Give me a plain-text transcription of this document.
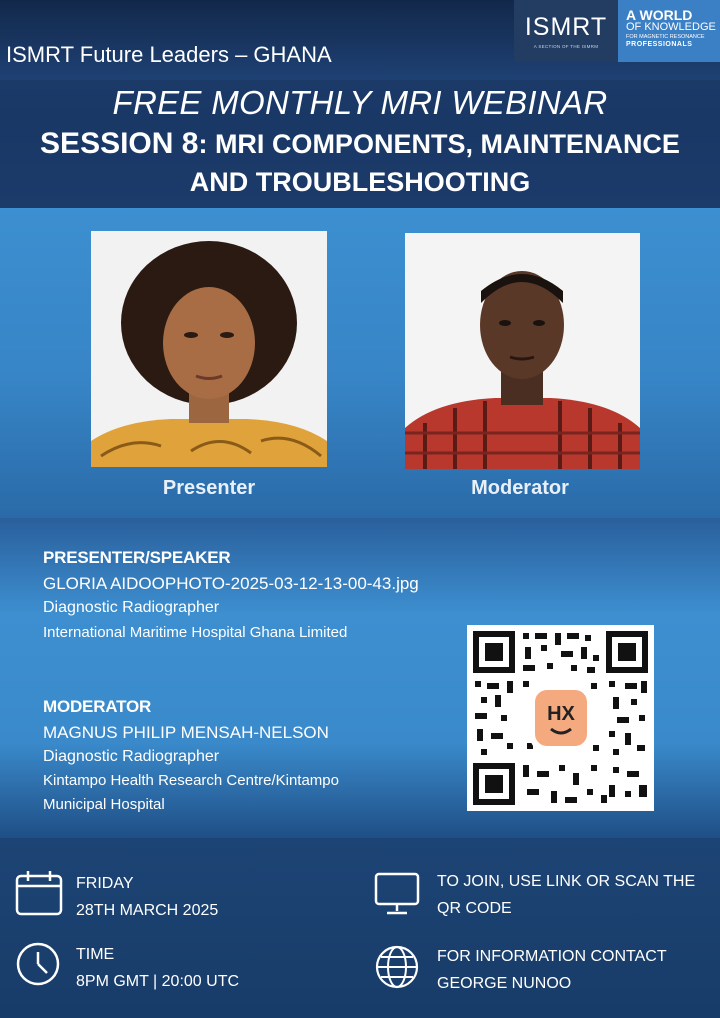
ISMRT
A SECTION OF THE ISMRM
A WORLD
OF KNOWLEDGE
FOR MAGNETIC RESONANCE
PROFESSIONALS
ISMRT Future Leaders – GHANA
FREE MONTHLY MRI WEBINAR
SESSION 8: MRI COMPONENTS, MAINTENANCE
AND TROUBLESHOOTING
Presenter	Moderator
PRESENTER/SPEAKER
GLORIA AIDOOPHOTO-2025-03-12-13-00-43.jpg
Diagnostic Radiographer
International Maritime Hospital Ghana Limited
MODERATOR
MAGNUS PHILIP MENSAH-NELSON
Diagnostic Radiographer
Kintampo Health Research Centre/Kintampo
Municipal Hospital
HX
FRIDAY
28TH MARCH 2025
TIME
8PM GMT | 20:00 UTC
TO JOIN, USE LINK OR SCAN THE
QR CODE
FOR INFORMATION CONTACT
GEORGE NUNOO
